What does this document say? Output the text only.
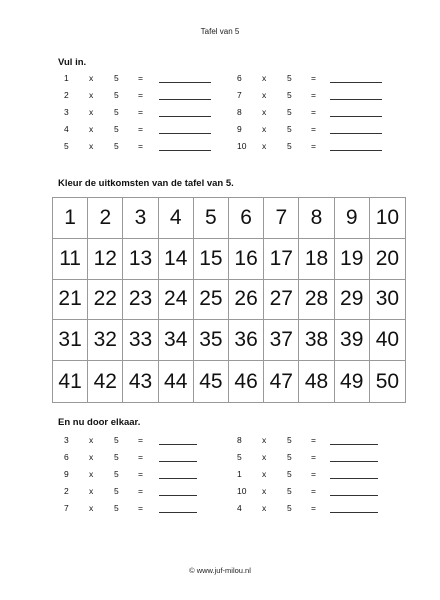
Tafel van 5
Vul in.
1 x 5 =
2 x 5 =
3 x 5 =
4 x 5 =
5 x 5 =
6 x 5 =
7 x 5 =
8 x 5 =
9 x 5 =
10 x 5 =
Kleur de uitkomsten van de tafel van 5.
1	2	3	4	5	6	7	8	9 10
11 12 13 14 15 16 17 18 19 20
21 22 23 24 25 26 27 28 29 30
31 32 33 34 35 36 37 38 39 40
41 42 43 44 45 46 47 48 49 50
En nu door elkaar.
3 x 5 =
6 x 5 =
9 x 5 =
2 x 5 =
7 x 5 =
8 x 5 =
5 x 5 =
1 x 5 =
10 x 5 =
4 x 5 =
© www.juf-milou.nl
